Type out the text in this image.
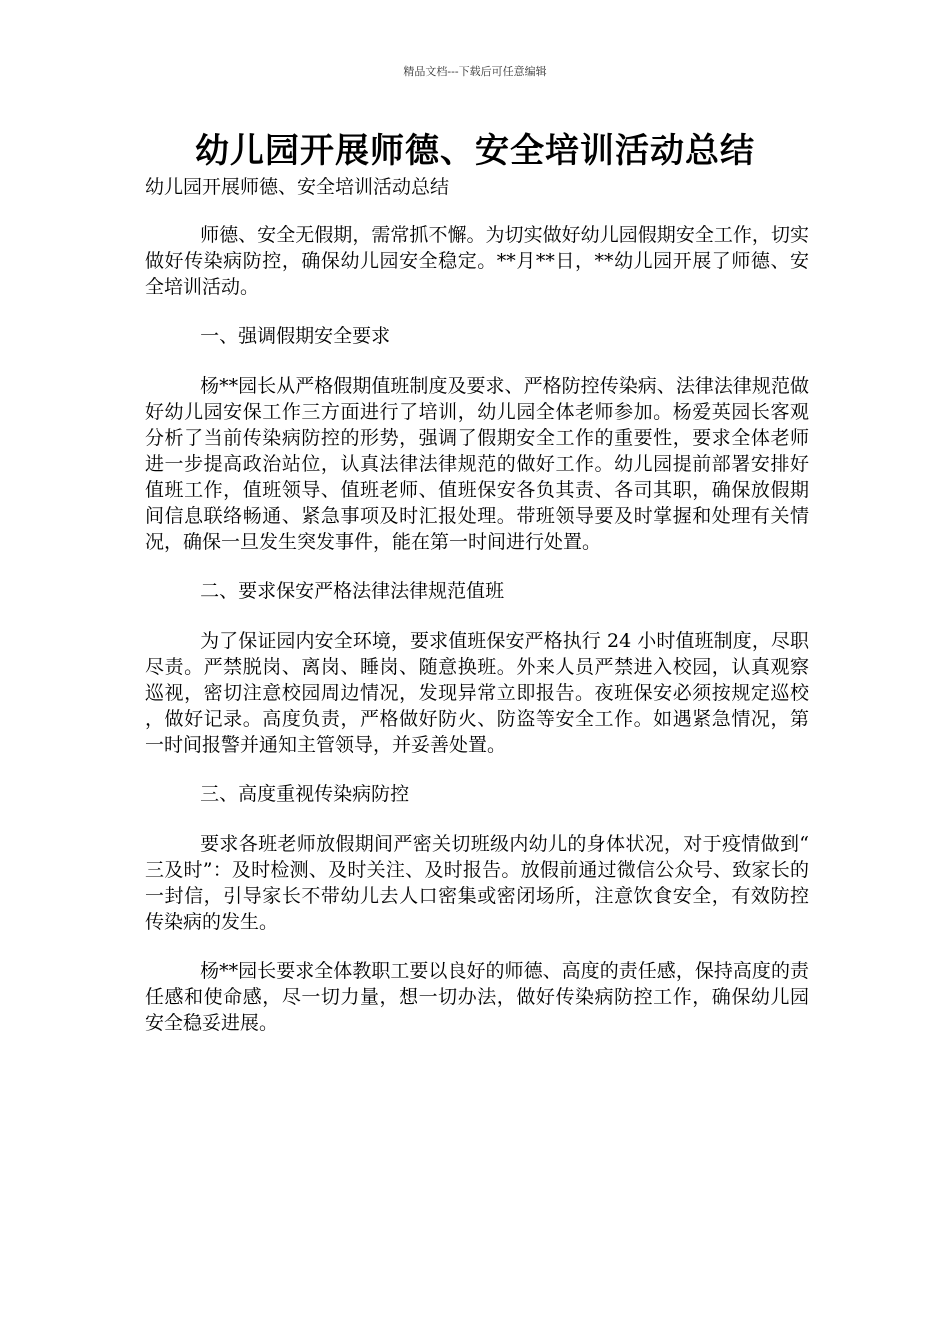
精品文档---下载后可任意编辑
幼儿园开展师德、安全培训活动总结

幼儿园开展师德、安全培训活动总结

师德、安全无假期，需常抓不懈。为切实做好幼儿园假期安全工作，切实做好传染病防控，确保幼儿园安全稳定。**月**日，**幼儿园开展了师德、安全培训活动。

一、强调假期安全要求

杨**园长从严格假期值班制度及要求、严格防控传染病、法律法律规范做好幼儿园安保工作三方面进行了培训，幼儿园全体老师参加。杨爱英园长客观分析了当前传染病防控的形势，强调了假期安全工作的重要性，要求全体老师进一步提高政治站位，认真法律法律规范的做好工作。幼儿园提前部署安排好值班工作，值班领导、值班老师、值班保安各负其责、各司其职，确保放假期间信息联络畅通、紧急事项及时汇报处理。带班领导要及时掌握和处理有关情况，确保一旦发生突发事件，能在第一时间进行处置。

二、要求保安严格法律法律规范值班

为了保证园内安全环境，要求值班保安严格执行 24 小时值班制度，尽职尽责。严禁脱岗、离岗、睡岗、随意换班。外来人员严禁进入校园，认真观察巡视，密切注意校园周边情况，发现异常立即报告。夜班保安必须按规定巡校，做好记录。高度负责，严格做好防火、防盗等安全工作。如遇紧急情况，第一时间报警并通知主管领导，并妥善处置。

三、高度重视传染病防控

要求各班老师放假期间严密关切班级内幼儿的身体状况，对于疫情做到“三及时”：及时检测、及时关注、及时报告。放假前通过微信公众号、致家长的一封信，引导家长不带幼儿去人口密集或密闭场所，注意饮食安全，有效防控传染病的发生。

杨**园长要求全体教职工要以良好的师德、高度的责任感，保持高度的责任感和使命感，尽一切力量，想一切办法，做好传染病防控工作，确保幼儿园安全稳妥进展。
